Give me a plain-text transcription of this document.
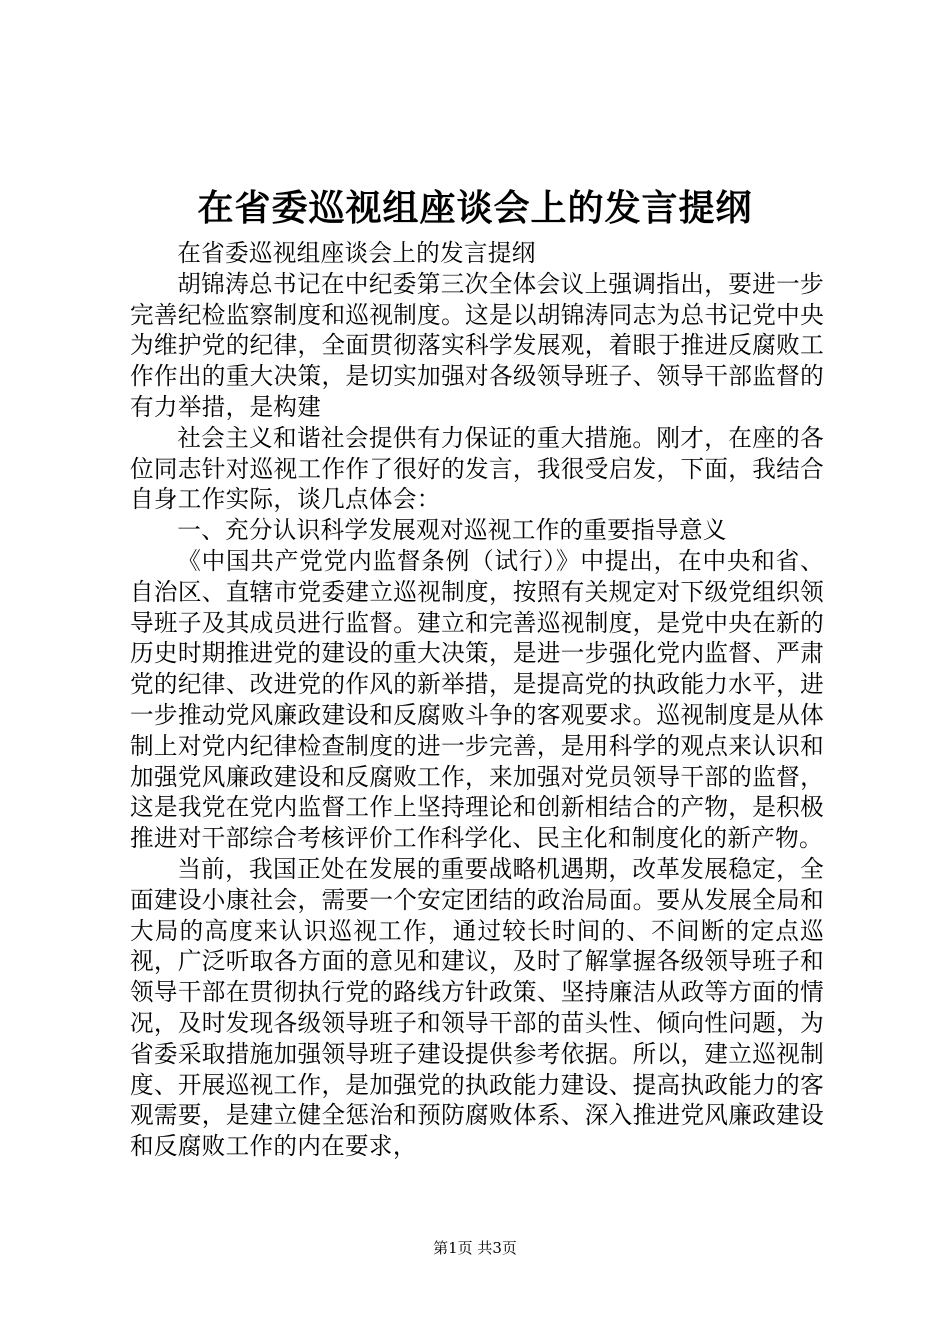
在省委巡视组座谈会上的发言提纲

在省委巡视组座谈会上的发言提纲

胡锦涛总书记在中纪委第三次全体会议上强调指出，要进一步完善纪检监察制度和巡视制度。这是以胡锦涛同志为总书记党中央为维护党的纪律，全面贯彻落实科学发展观，着眼于推进反腐败工作作出的重大决策，是切实加强对各级领导班子、领导干部监督的有力举措，是构建

社会主义和谐社会提供有力保证的重大措施。刚才，在座的各位同志针对巡视工作作了很好的发言，我很受启发，下面，我结合自身工作实际，谈几点体会：

一、充分认识科学发展观对巡视工作的重要指导意义

《中国共产党党内监督条例（试行）》中提出，在中央和省、自治区、直辖市党委建立巡视制度，按照有关规定对下级党组织领导班子及其成员进行监督。建立和完善巡视制度，是党中央在新的历史时期推进党的建设的重大决策，是进一步强化党内监督、严肃党的纪律、改进党的作风的新举措，是提高党的执政能力水平，进一步推动党风廉政建设和反腐败斗争的客观要求。巡视制度是从体制上对党内纪律检查制度的进一步完善，是用科学的观点来认识和加强党风廉政建设和反腐败工作，来加强对党员领导干部的监督，这是我党在党内监督工作上坚持理论和创新相结合的产物，是积极推进对干部综合考核评价工作科学化、民主化和制度化的新产物。

当前，我国正处在发展的重要战略机遇期，改革发展稳定，全面建设小康社会，需要一个安定团结的政治局面。要从发展全局和大局的高度来认识巡视工作，通过较长时间的、不间断的定点巡视，广泛听取各方面的意见和建议，及时了解掌握各级领导班子和领导干部在贯彻执行党的路线方针政策、坚持廉洁从政等方面的情况，及时发现各级领导班子和领导干部的苗头性、倾向性问题，为省委采取措施加强领导班子建设提供参考依据。所以，建立巡视制度、开展巡视工作，是加强党的执政能力建设、提高执政能力的客观需要，是建立健全惩治和预防腐败体系、深入推进党风廉政建设和反腐败工作的内在要求，

第1页 共3页
